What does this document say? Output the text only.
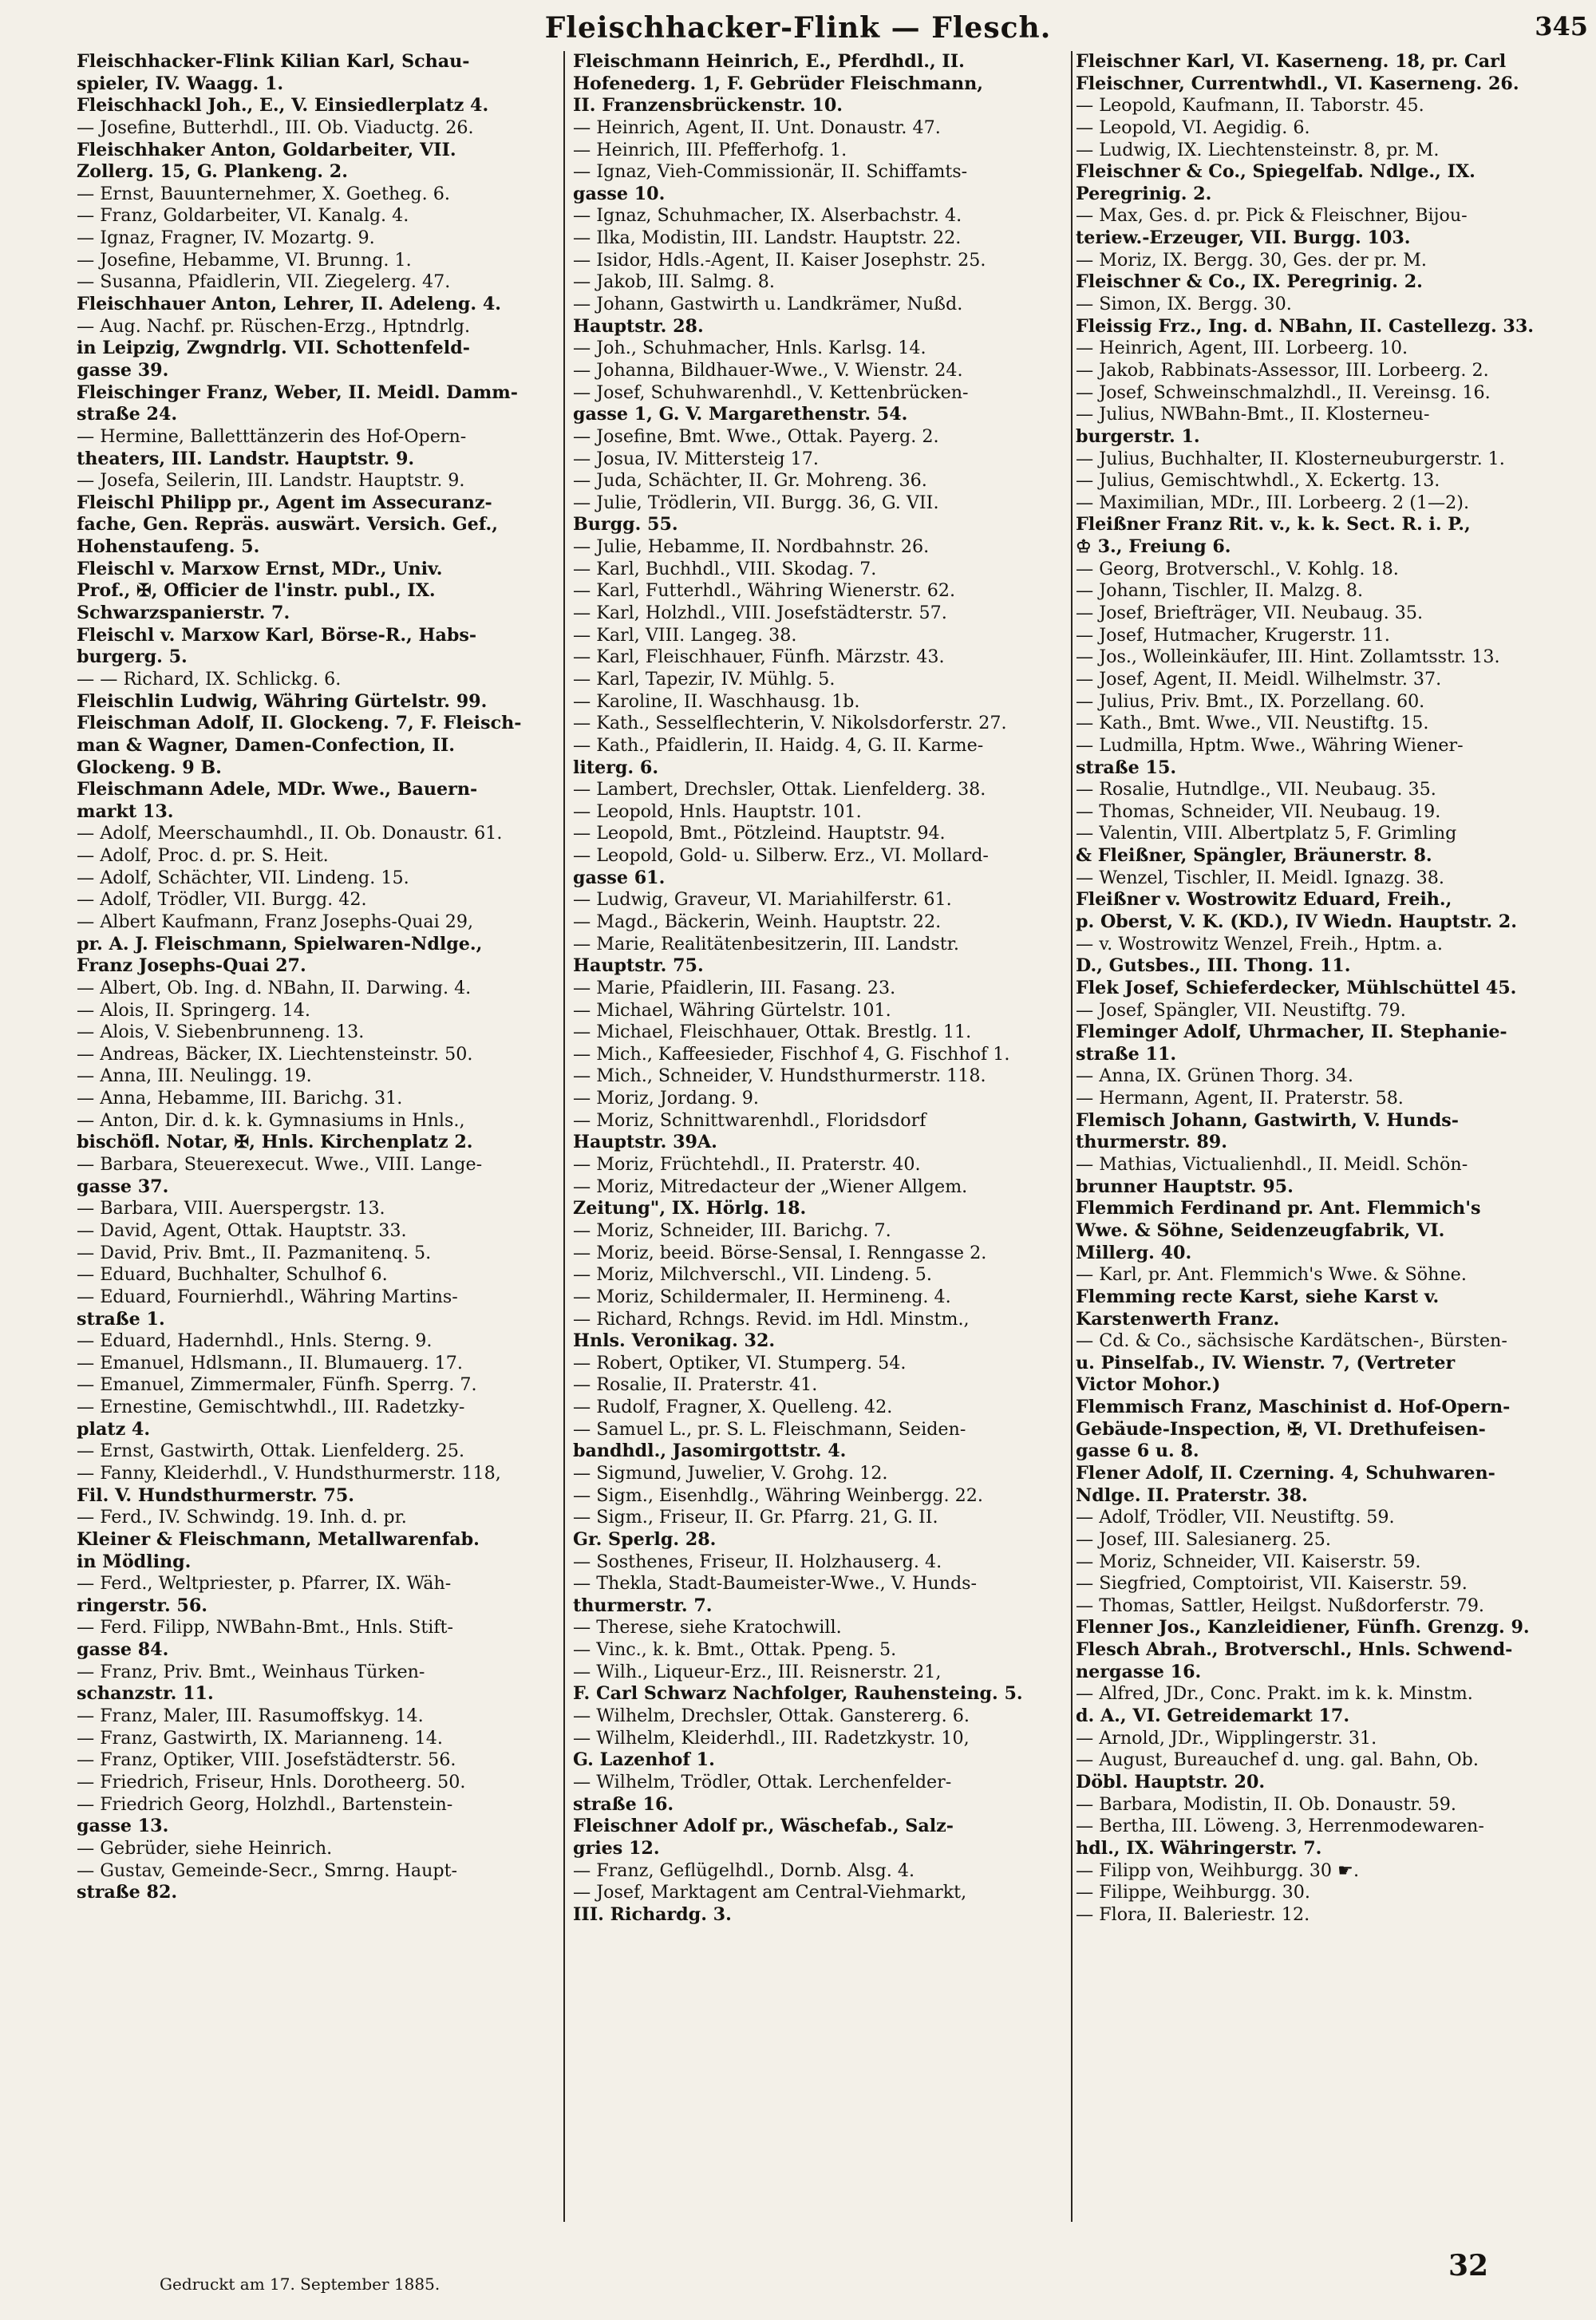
Fleischhacker-Flink — Flesch.	345
Fleischhacker-Flink Kilian Karl, Schau-
spieler, IV. Waagg. 1.
Fleischhackl Joh., E., V. Einsiedlerplatz 4.
— Josefine, Butterhdl., III. Ob. Viaductg. 26.
Fleischhaker Anton, Goldarbeiter, VII.
Zollerg. 15, G. Plankeng. 2.
— Ernst, Bauunternehmer, X. Goetheg. 6.
— Franz, Goldarbeiter, VI. Kanalg. 4.
— Ignaz, Fragner, IV. Mozartg. 9.
— Josefine, Hebamme, VI. Brunng. 1.
— Susanna, Pfaidlerin, VII. Ziegelerg. 47.
Fleischhauer Anton, Lehrer, II. Adeleng. 4.
— Aug. Nachf. pr. Rüschen-Erzg., Hptndrlg.
in Leipzig, Zwgndrlg. VII. Schottenfeld-
gasse 39.
Fleischinger Franz, Weber, II. Meidl. Damm-
straße 24.
— Hermine, Balletttänzerin des Hof-Opern-
theaters, III. Landstr. Hauptstr. 9.
— Josefa, Seilerin, III. Landstr. Hauptstr. 9.
Fleischl Philipp pr., Agent im Assecuranz-
fache, Gen. Repräs. auswärt. Versich. Gef.,
Hohenstaufeng. 5.
Fleischl v. Marxow Ernst, MDr., Univ.
Prof., ✠, Officier de l'instr. publ., IX.
Schwarzspanierstr. 7.
Fleischl v. Marxow Karl, Börse-R., Habs-
burgerg. 5.
— — Richard, IX. Schlickg. 6.
Fleischlin Ludwig, Währing Gürtelstr. 99.
Fleischman Adolf, II. Glockeng. 7, F. Fleisch-
man & Wagner, Damen-Confection, II.
Glockeng. 9 B.
Fleischmann Adele, MDr. Wwe., Bauern-
markt 13.
— Adolf, Meerschaumhdl., II. Ob. Donaustr. 61.
— Adolf, Proc. d. pr. S. Heit.
— Adolf, Schächter, VII. Lindeng. 15.
— Adolf, Trödler, VII. Burgg. 42.
— Albert Kaufmann, Franz Josephs-Quai 29,
pr. A. J. Fleischmann, Spielwaren-Ndlge.,
Franz Josephs-Quai 27.
— Albert, Ob. Ing. d. NBahn, II. Darwing. 4.
— Alois, II. Springerg. 14.
— Alois, V. Siebenbrunneng. 13.
— Andreas, Bäcker, IX. Liechtensteinstr. 50.
— Anna, III. Neulingg. 19.
— Anna, Hebamme, III. Barichg. 31.
— Anton, Dir. d. k. k. Gymnasiums in Hnls.,
bischöfl. Notar, ✠, Hnls. Kirchenplatz 2.
— Barbara, Steuerexecut. Wwe., VIII. Lange-
gasse 37.
— Barbara, VIII. Auerspergstr. 13.
— David, Agent, Ottak. Hauptstr. 33.
— David, Priv. Bmt., II. Pazmanitenq. 5.
— Eduard, Buchhalter, Schulhof 6.
— Eduard, Fournierhdl., Währing Martins-
straße 1.
— Eduard, Hadernhdl., Hnls. Sterng. 9.
— Emanuel, Hdlsmann., II. Blumauerg. 17.
— Emanuel, Zimmermaler, Fünfh. Sperrg. 7.
— Ernestine, Gemischtwhdl., III. Radetzky-
platz 4.
— Ernst, Gastwirth, Ottak. Lienfelderg. 25.
— Fanny, Kleiderhdl., V. Hundsthurmerstr. 118,
Fil. V. Hundsthurmerstr. 75.
— Ferd., IV. Schwindg. 19. Inh. d. pr.
Kleiner & Fleischmann, Metallwarenfab.
in Mödling.
— Ferd., Weltpriester, p. Pfarrer, IX. Wäh-
ringerstr. 56.
— Ferd. Filipp, NWBahn-Bmt., Hnls. Stift-
gasse 84.
— Franz, Priv. Bmt., Weinhaus Türken-
schanzstr. 11.
— Franz, Maler, III. Rasumoffskyg. 14.
— Franz, Gastwirth, IX. Marianneng. 14.
— Franz, Optiker, VIII. Josefstädterstr. 56.
— Friedrich, Friseur, Hnls. Dorotheerg. 50.
— Friedrich Georg, Holzhdl., Bartenstein-
gasse 13.
— Gebrüder, siehe Heinrich.
— Gustav, Gemeinde-Secr., Smrng. Haupt-
straße 82.
Fleischmann Heinrich, E., Pferdhdl., II.
Hofenederg. 1, F. Gebrüder Fleischmann,
II. Franzensbrückenstr. 10.
— Heinrich, Agent, II. Unt. Donaustr. 47.
— Heinrich, III. Pfefferhofg. 1.
— Ignaz, Vieh-Commissionär, II. Schiffamts-
gasse 10.
— Ignaz, Schuhmacher, IX. Alserbachstr. 4.
— Ilka, Modistin, III. Landstr. Hauptstr. 22.
— Isidor, Hdls.-Agent, II. Kaiser Josephstr. 25.
— Jakob, III. Salmg. 8.
— Johann, Gastwirth u. Landkrämer, Nußd.
Hauptstr. 28.
— Joh., Schuhmacher, Hnls. Karlsg. 14.
— Johanna, Bildhauer-Wwe., V. Wienstr. 24.
— Josef, Schuhwarenhdl., V. Kettenbrücken-
gasse 1, G. V. Margarethenstr. 54.
— Josefine, Bmt. Wwe., Ottak. Payerg. 2.
— Josua, IV. Mittersteig 17.
— Juda, Schächter, II. Gr. Mohreng. 36.
— Julie, Trödlerin, VII. Burgg. 36, G. VII.
Burgg. 55.
— Julie, Hebamme, II. Nordbahnstr. 26.
— Karl, Buchhdl., VIII. Skodag. 7.
— Karl, Futterhdl., Währing Wienerstr. 62.
— Karl, Holzhdl., VIII. Josefstädterstr. 57.
— Karl, VIII. Langeg. 38.
— Karl, Fleischhauer, Fünfh. Märzstr. 43.
— Karl, Tapezir, IV. Mühlg. 5.
— Karoline, II. Waschhausg. 1b.
— Kath., Sesselflechterin, V. Nikolsdorferstr. 27.
— Kath., Pfaidlerin, II. Haidg. 4, G. II. Karme-
literg. 6.
— Lambert, Drechsler, Ottak. Lienfelderg. 38.
— Leopold, Hnls. Hauptstr. 101.
— Leopold, Bmt., Pötzleind. Hauptstr. 94.
— Leopold, Gold- u. Silberw. Erz., VI. Mollard-
gasse 61.
— Ludwig, Graveur, VI. Mariahilferstr. 61.
— Magd., Bäckerin, Weinh. Hauptstr. 22.
— Marie, Realitätenbesitzerin, III. Landstr.
Hauptstr. 75.
— Marie, Pfaidlerin, III. Fasang. 23.
— Michael, Währing Gürtelstr. 101.
— Michael, Fleischhauer, Ottak. Brestlg. 11.
— Mich., Kaffeesieder, Fischhof 4, G. Fischhof 1.
— Mich., Schneider, V. Hundsthurmerstr. 118.
— Moriz, Jordang. 9.
— Moriz, Schnittwarenhdl., Floridsdorf
Hauptstr. 39A.
— Moriz, Früchtehdl., II. Praterstr. 40.
— Moriz, Mitredacteur der „Wiener Allgem.
Zeitung", IX. Hörlg. 18.
— Moriz, Schneider, III. Barichg. 7.
— Moriz, beeid. Börse-Sensal, I. Renngasse 2.
— Moriz, Milchverschl., VII. Lindeng. 5.
— Moriz, Schildermaler, II. Hermineng. 4.
— Richard, Rchngs. Revid. im Hdl. Minstm.,
Hnls. Veronikag. 32.
— Robert, Optiker, VI. Stumperg. 54.
— Rosalie, II. Praterstr. 41.
— Rudolf, Fragner, X. Quelleng. 42.
— Samuel L., pr. S. L. Fleischmann, Seiden-
bandhdl., Jasomirgottstr. 4.
— Sigmund, Juwelier, V. Grohg. 12.
— Sigm., Eisenhdlg., Währing Weinbergg. 22.
— Sigm., Friseur, II. Gr. Pfarrg. 21, G. II.
Gr. Sperlg. 28.
— Sosthenes, Friseur, II. Holzhauserg. 4.
— Thekla, Stadt-Baumeister-Wwe., V. Hunds-
thurmerstr. 7.
— Therese, siehe Kratochwill.
— Vinc., k. k. Bmt., Ottak. Ppeng. 5.
— Wilh., Liqueur-Erz., III. Reisnerstr. 21,
F. Carl Schwarz Nachfolger, Rauhensteing. 5.
— Wilhelm, Drechsler, Ottak. Ganstererg. 6.
— Wilhelm, Kleiderhdl., III. Radetzkystr. 10,
G. Lazenhof 1.
— Wilhelm, Trödler, Ottak. Lerchenfelder-
straße 16.
Fleischner Adolf pr., Wäschefab., Salz-
gries 12.
— Franz, Geflügelhdl., Dornb. Alsg. 4.
— Josef, Marktagent am Central-Viehmarkt,
III. Richardg. 3.
Fleischner Karl, VI. Kaserneng. 18, pr. Carl
Fleischner, Currentwhdl., VI. Kaserneng. 26.
— Leopold, Kaufmann, II. Taborstr. 45.
— Leopold, VI. Aegidig. 6.
— Ludwig, IX. Liechtensteinstr. 8, pr. M.
Fleischner & Co., Spiegelfab. Ndlge., IX.
Peregrinig. 2.
— Max, Ges. d. pr. Pick & Fleischner, Bijou-
teriew.-Erzeuger, VII. Burgg. 103.
— Moriz, IX. Bergg. 30, Ges. der pr. M.
Fleischner & Co., IX. Peregrinig. 2.
— Simon, IX. Bergg. 30.
Fleissig Frz., Ing. d. NBahn, II. Castellezg. 33.
— Heinrich, Agent, III. Lorbeerg. 10.
— Jakob, Rabbinats-Assessor, III. Lorbeerg. 2.
— Josef, Schweinschmalzhdl., II. Vereinsg. 16.
— Julius, NWBahn-Bmt., II. Klosterneu-
burgerstr. 1.
— Julius, Buchhalter, II. Klosterneuburgerstr. 1.
— Julius, Gemischtwhdl., X. Eckertg. 13.
— Maximilian, MDr., III. Lorbeerg. 2 (1—2).
Fleißner Franz Rit. v., k. k. Sect. R. i. P.,
♔ 3., Freiung 6.
— Georg, Brotverschl., V. Kohlg. 18.
— Johann, Tischler, II. Malzg. 8.
— Josef, Briefträger, VII. Neubaug. 35.
— Josef, Hutmacher, Krugerstr. 11.
— Jos., Wolleinkäufer, III. Hint. Zollamtsstr. 13.
— Josef, Agent, II. Meidl. Wilhelmstr. 37.
— Julius, Priv. Bmt., IX. Porzellang. 60.
— Kath., Bmt. Wwe., VII. Neustiftg. 15.
— Ludmilla, Hptm. Wwe., Währing Wiener-
straße 15.
— Rosalie, Hutndlge., VII. Neubaug. 35.
— Thomas, Schneider, VII. Neubaug. 19.
— Valentin, VIII. Albertplatz 5, F. Grimling
& Fleißner, Spängler, Bräunerstr. 8.
— Wenzel, Tischler, II. Meidl. Ignazg. 38.
Fleißner v. Wostrowitz Eduard, Freih.,
p. Oberst, V. K. (KD.), IV Wiedn. Hauptstr. 2.
— v. Wostrowitz Wenzel, Freih., Hptm. a.
D., Gutsbes., III. Thong. 11.
Flek Josef, Schieferdecker, Mühlschüttel 45.
— Josef, Spängler, VII. Neustiftg. 79.
Fleminger Adolf, Uhrmacher, II. Stephanie-
straße 11.
— Anna, IX. Grünen Thorg. 34.
— Hermann, Agent, II. Praterstr. 58.
Flemisch Johann, Gastwirth, V. Hunds-
thurmerstr. 89.
— Mathias, Victualienhdl., II. Meidl. Schön-
brunner Hauptstr. 95.
Flemmich Ferdinand pr. Ant. Flemmich's
Wwe. & Söhne, Seidenzeugfabrik, VI.
Millerg. 40.
— Karl, pr. Ant. Flemmich's Wwe. & Söhne.
Flemming recte Karst, siehe Karst v.
Karstenwerth Franz.
— Cd. & Co., sächsische Kardätschen-, Bürsten-
u. Pinselfab., IV. Wienstr. 7, (Vertreter
Victor Mohor.)
Flemmisch Franz, Maschinist d. Hof-Opern-
Gebäude-Inspection, ✠, VI. Drethufeisen-
gasse 6 u. 8.
Flener Adolf, II. Czerning. 4, Schuhwaren-
Ndlge. II. Praterstr. 38.
— Adolf, Trödler, VII. Neustiftg. 59.
— Josef, III. Salesianerg. 25.
— Moriz, Schneider, VII. Kaiserstr. 59.
— Siegfried, Comptoirist, VII. Kaiserstr. 59.
— Thomas, Sattler, Heilgst. Nußdorferstr. 79.
Flenner Jos., Kanzleidiener, Fünfh. Grenzg. 9.
Flesch Abrah., Brotverschl., Hnls. Schwend-
nergasse 16.
— Alfred, JDr., Conc. Prakt. im k. k. Minstm.
d. A., VI. Getreidemarkt 17.
— Arnold, JDr., Wipplingerstr. 31.
— August, Bureauchef d. ung. gal. Bahn, Ob.
Döbl. Hauptstr. 20.
— Barbara, Modistin, II. Ob. Donaustr. 59.
— Bertha, III. Löweng. 3, Herrenmodewaren-
hdl., IX. Währingerstr. 7.
— Filipp von, Weihburgg. 30 ☛.
— Filippe, Weihburgg. 30.
— Flora, II. Baleriestr. 12.
Gedruckt am 17. September 1885.
32
